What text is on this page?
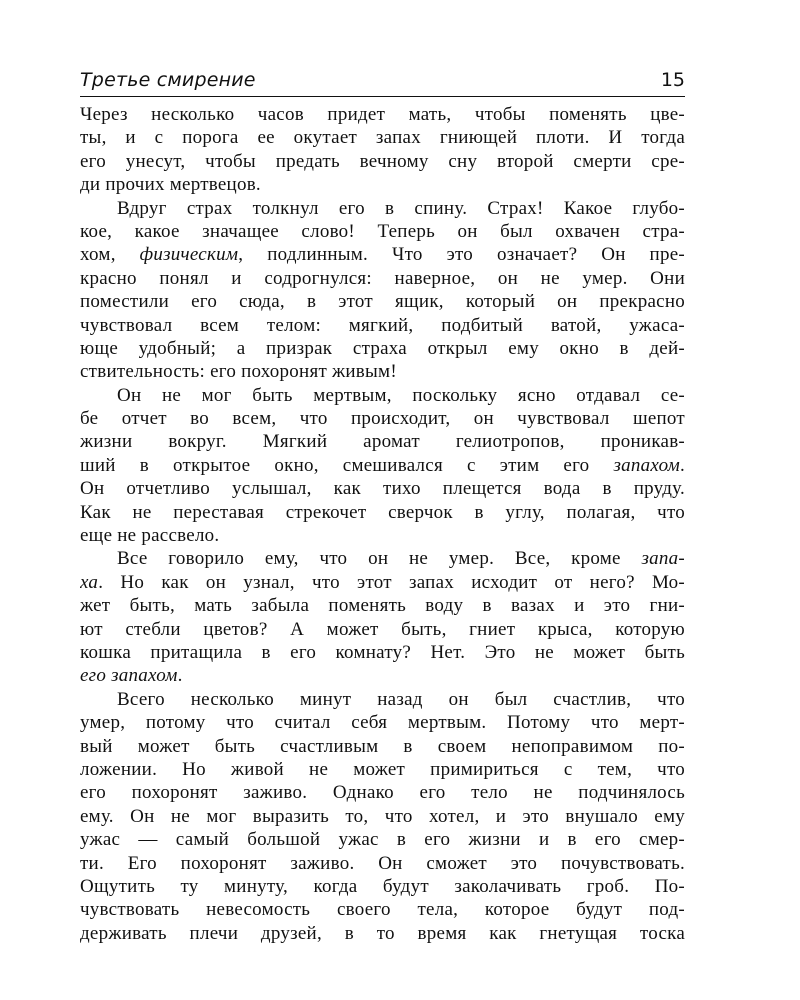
Третье смирение	15
Через несколько часов придет мать, чтобы поменять цве-
ты, и с порога ее окутает запах гниющей плоти. И тогда
его унесут, чтобы предать вечному сну второй смерти сре-
ди прочих мертвецов.
Вдруг страх толкнул его в спину. Страх! Какое глубо-
кое, какое значащее слово! Теперь он был охвачен стра-
хом, физическим, подлинным. Что это означает? Он пре-
красно понял и содрогнулся: наверное, он не умер. Они
поместили его сюда, в этот ящик, который он прекрасно
чувствовал всем телом: мягкий, подбитый ватой, ужаса-
юще удобный; а призрак страха открыл ему окно в дей-
ствительность: его похоронят живым!
Он не мог быть мертвым, поскольку ясно отдавал се-
бе отчет во всем, что происходит, он чувствовал шепот
жизни вокруг. Мягкий аромат гелиотропов, проникав-
ший в открытое окно, смешивался с этим его запахом.
Он отчетливо услышал, как тихо плещется вода в пруду.
Как не переставая стрекочет сверчок в углу, полагая, что
еще не рассвело.
Все говорило ему, что он не умер. Все, кроме запа-
ха. Но как он узнал, что этот запах исходит от него? Мо-
жет быть, мать забыла поменять воду в вазах и это гни-
ют стебли цветов? А может быть, гниет крыса, которую
кошка притащила в его комнату? Нет. Это не может быть
его запахом.
Всего несколько минут назад он был счастлив, что
умер, потому что считал себя мертвым. Потому что мерт-
вый может быть счастливым в своем непоправимом по-
ложении. Но живой не может примириться с тем, что
его похоронят заживо. Однако его тело не подчинялось
ему. Он не мог выразить то, что хотел, и это внушало ему
ужас — самый большой ужас в его жизни и в его смер-
ти. Его похоронят заживо. Он сможет это почувствовать.
Ощутить ту минуту, когда будут заколачивать гроб. По-
чувствовать невесомость своего тела, которое будут под-
держивать плечи друзей, в то время как гнетущая тоска
